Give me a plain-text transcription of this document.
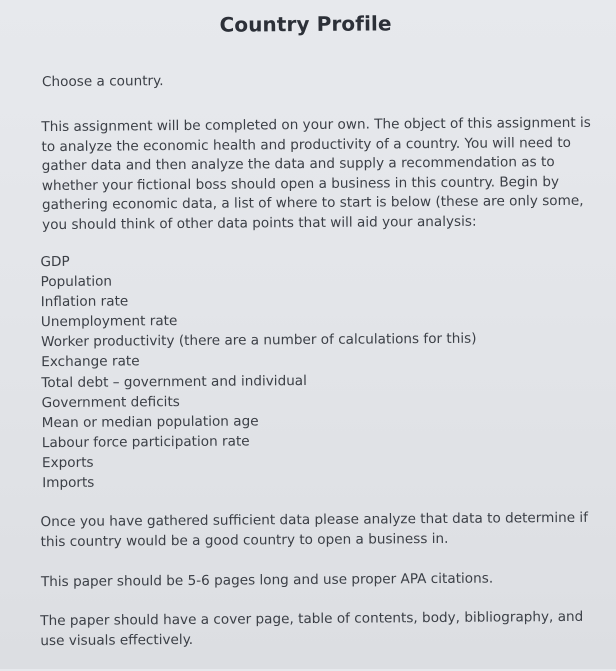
Country Profile
Choose a country.
This assignment will be completed on your own. The object of this assignment is
to analyze the economic health and productivity of a country. You will need to
gather data and then analyze the data and supply a recommendation as to
whether your fictional boss should open a business in this country. Begin by
gathering economic data, a list of where to start is below (these are only some,
you should think of other data points that will aid your analysis:
GDP
Population
Inflation rate
Unemployment rate
Worker productivity (there are a number of calculations for this)
Exchange rate
Total debt – government and individual
Government deficits
Mean or median population age
Labour force participation rate
Exports
Imports
Once you have gathered sufficient data please analyze that data to determine if
this country would be a good country to open a business in.
This paper should be 5-6 pages long and use proper APA citations.
The paper should have a cover page, table of contents, body, bibliography, and
use visuals effectively.
